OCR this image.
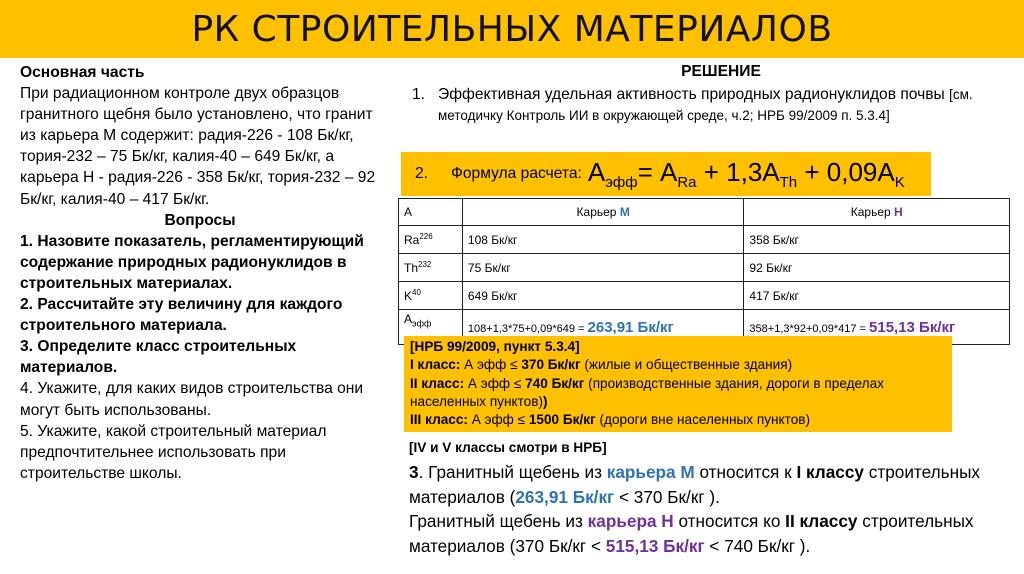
РК СТРОИТЕЛЬНЫХ МАТЕРИАЛОВ

Основная часть

При радиационном контроле двух образцов гранитного щебня было установлено, что гранит из карьера М содержит: радия-226 - 108 Бк/кг, тория-232 – 75 Бк/кг, калия-40 – 649 Бк/кг, а карьера Н - радия-226 - 358 Бк/кг, тория-232 – 92 Бк/кг, калия-40 – 417 Бк/кг.

Вопросы

1. Назовите показатель, регламентирующий содержание природных радионуклидов в строительных материалах.

2. Рассчитайте эту величину для каждого строительного материала.

3. Определите класс строительных материалов.

4. Укажите, для каких видов строительства они могут быть использованы.

5. Укажите, какой строительный материал предпочтительнее использовать при строительстве школы.

РЕШЕНИЕ
1. Эффективная удельная активность природных радионуклидов почвы [см. методичку Контроль ИИ в окружающей среде, ч.2; НРБ 99/2009 п. 5.3.4]
2.	Формула расчета: $A_{эфф}= A_{Ra} + 1,3A_{Th} + 0,09A_K$
A	Карьер М	Карьер Н
Ra$^{226}$	108 Бк/кг	358 Бк/кг
Th$^{232}$	75 Бк/кг	92 Бк/кг
$K^{40}$	649 Бк/кг	417 Бк/кг
$А_{эфф}$	108+1,3*75+0,09*649 = 263,91 Бк/кг	358+1,3*92+0,09*417 = 515,13 Бк/кг

[НРБ 99/2009, пункт 5.3.4]

I класс: А эфф ≤ 370 Бк/кг (жилые и общественные здания)

II класс: А эфф ≤ 740 Бк/кг (производственные здания, дороги в пределах населенных пунктов))

III класс: А эфф ≤ 1500 Бк/кг (дороги вне населенных пунктов)

[IV и V классы смотри в НРБ]

3. Гранитный щебень из карьера М относится к I классу строительных материалов (263,91 Бк/кг < 370 Бк/кг ).

Гранитный щебень из карьера Н относится ко II классу строительных материалов (370 Бк/кг < 515,13 Бк/кг < 740 Бк/кг ).
